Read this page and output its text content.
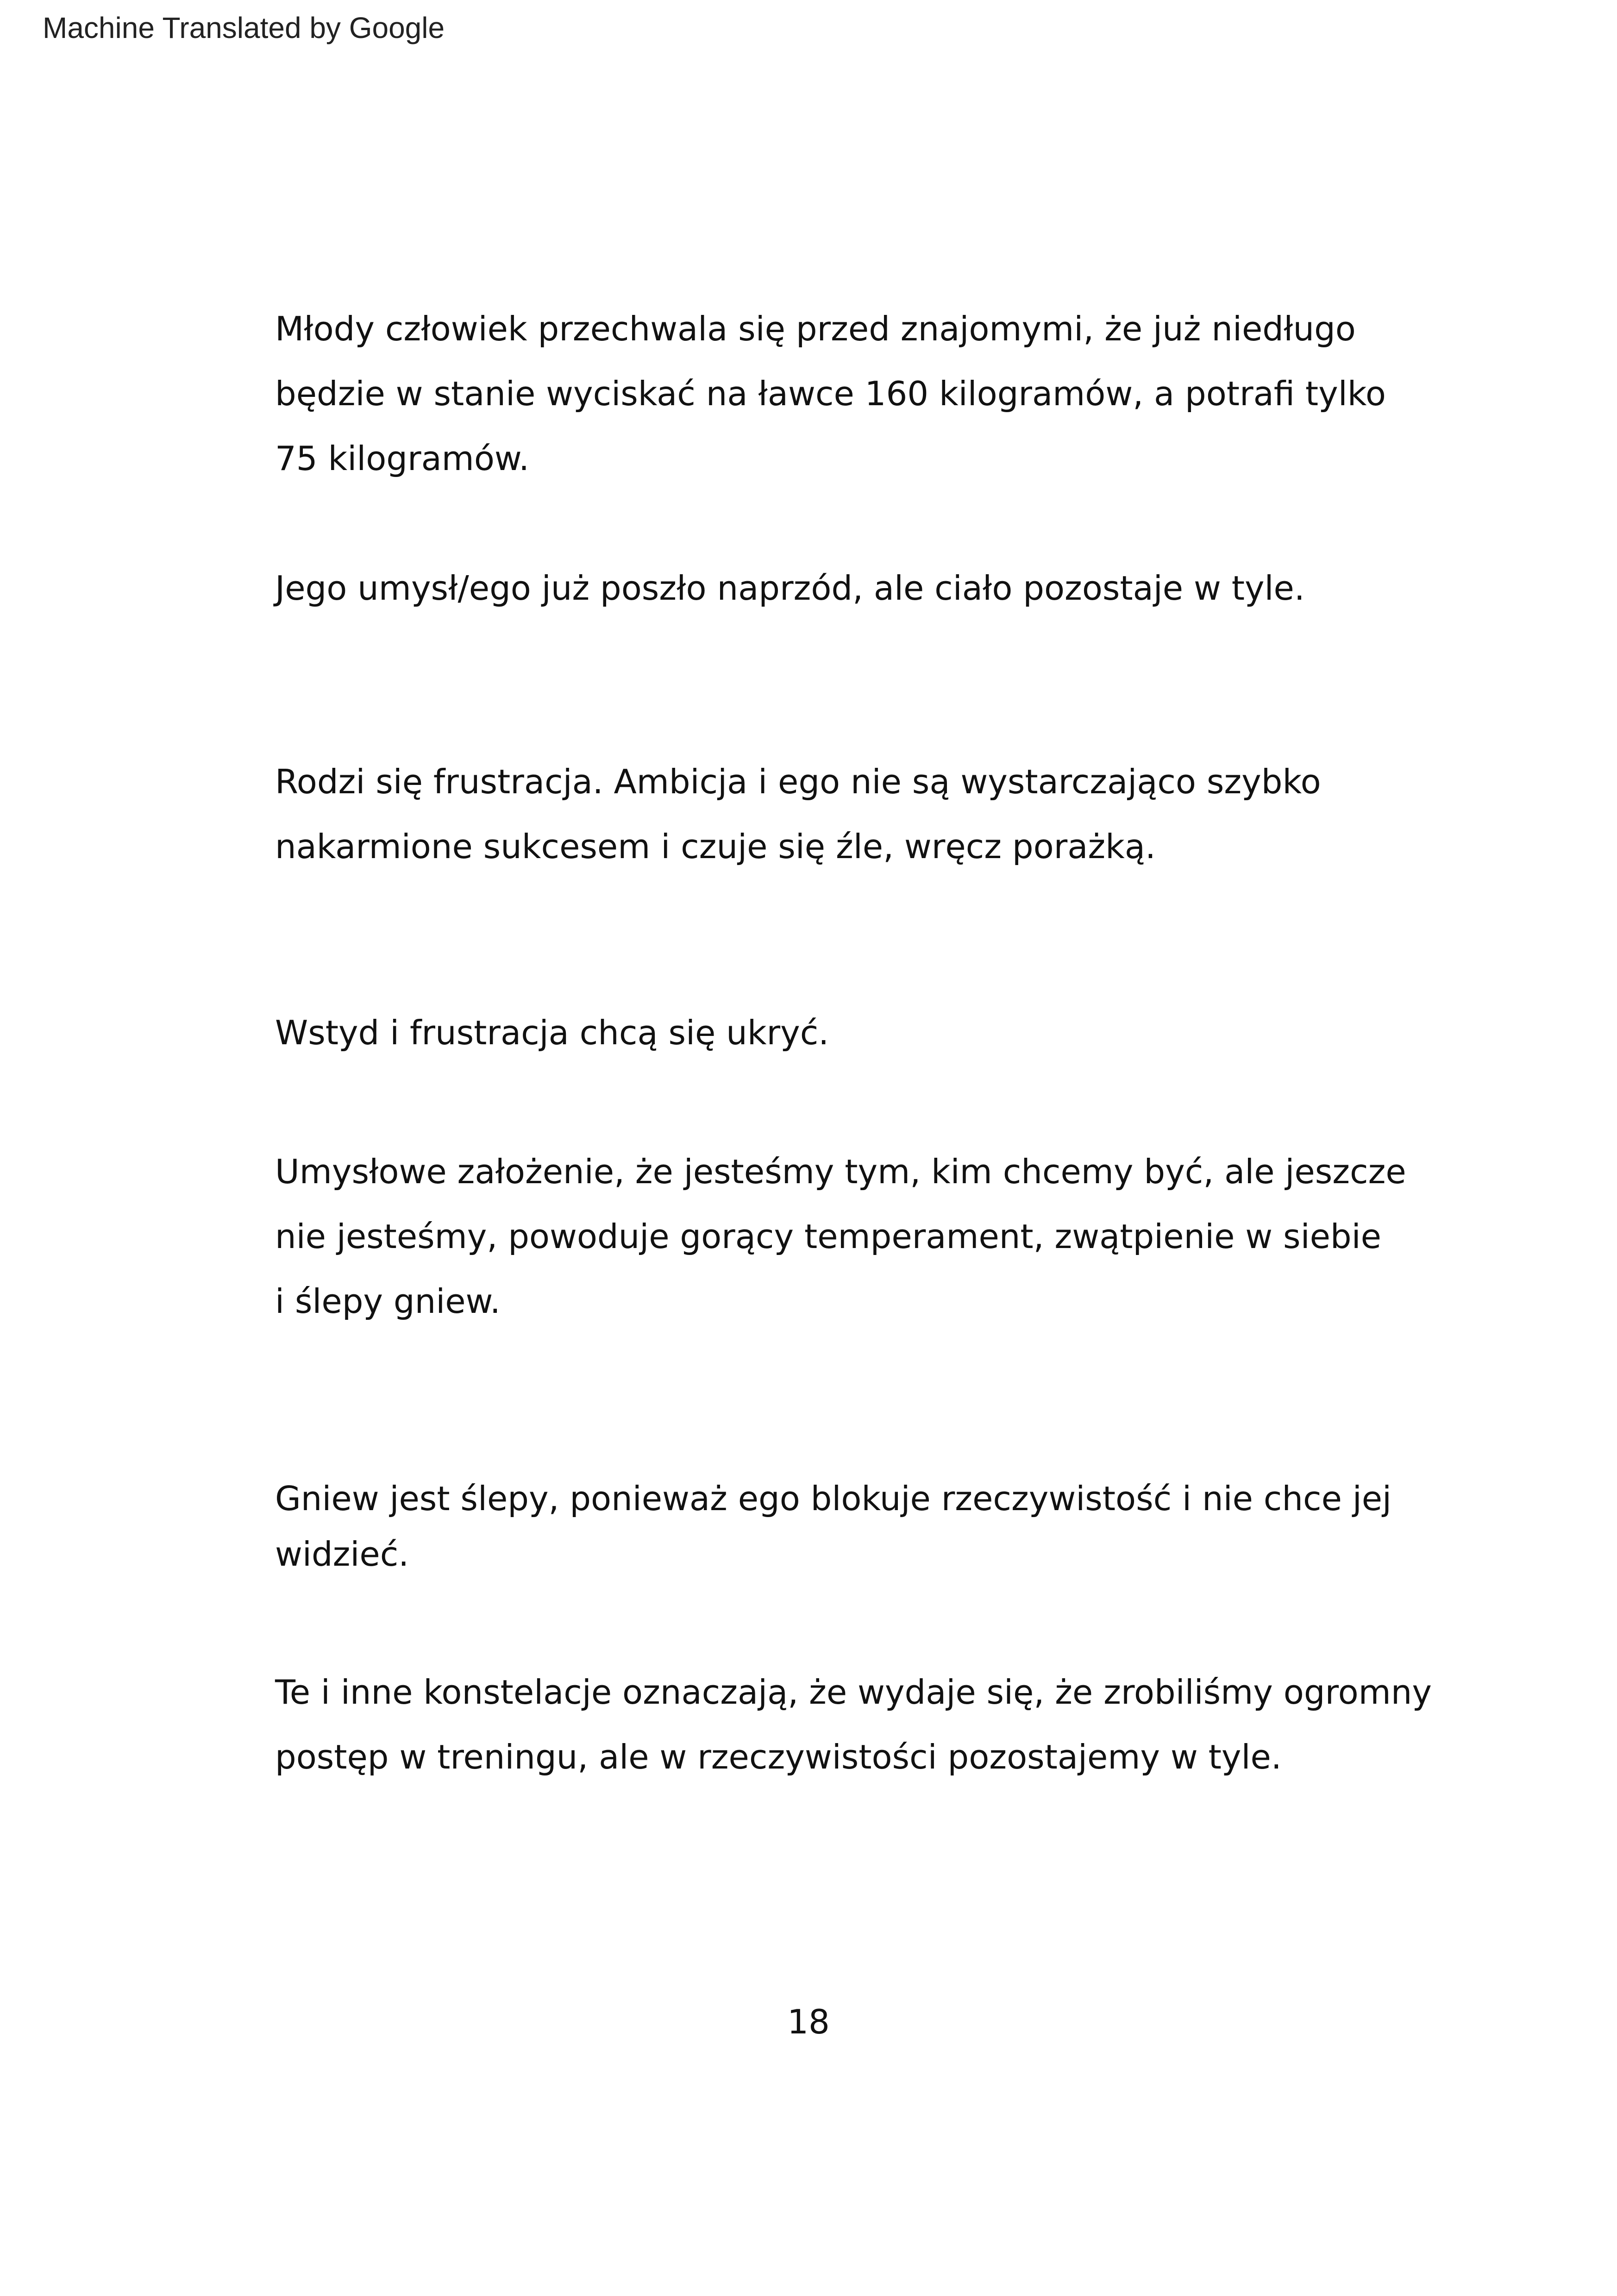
Machine Translated by Google
Młody człowiek przechwala się przed znajomymi, że już niedługo
będzie w stanie wyciskać na ławce 160 kilogramów, a potrafi tylko
75 kilogramów.
Jego umysł/ego już poszło naprzód, ale ciało pozostaje w tyle.
Rodzi się frustracja. Ambicja i ego nie są wystarczająco szybko
nakarmione sukcesem i czuje się źle, wręcz porażką.
Wstyd i frustracja chcą się ukryć.
Umysłowe założenie, że jesteśmy tym, kim chcemy być, ale jeszcze
nie jesteśmy, powoduje gorący temperament, zwątpienie w siebie
i ślepy gniew.
Gniew jest ślepy, ponieważ ego blokuje rzeczywistość i nie chce jej
widzieć.
Te i inne konstelacje oznaczają, że wydaje się, że zrobiliśmy ogromny
postęp w treningu, ale w rzeczywistości pozostajemy w tyle.
18
